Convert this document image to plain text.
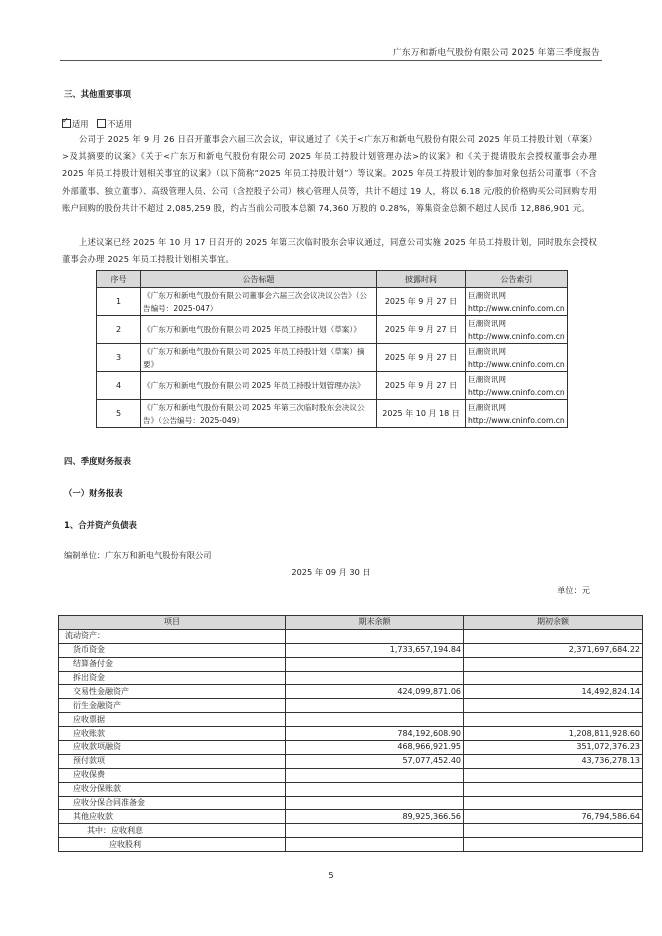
广东万和新电气股份有限公司 2025 年第三季度报告
三、其他重要事项
✓适用 不适用
公司于 2025 年 9 月 26 日召开董事会六届三次会议，审议通过了《关于<广东万和新电气股份有限公司 2025 年员工持股计划（草案）>及其摘要的议案》《关于<广东万和新电气股份有限公司 2025 年员工持股计划管理办法>的议案》和《关于提请股东会授权董事会办理 2025 年员工持股计划相关事宜的议案》（以下简称“2025 年员工持股计划”）等议案。2025 年员工持股计划的参加对象包括公司董事（不含外部董事、独立董事）、高级管理人员、公司（含控股子公司）核心管理人员等，共计不超过 19 人，将以 6.18 元/股的价格购买公司回购专用账户回购的股份共计不超过 2,085,259 股，约占当前公司股本总额 74,360 万股的 0.28%，筹集资金总额不超过人民币 12,886,901 元。
上述议案已经 2025 年 10 月 17 日召开的 2025 年第三次临时股东会审议通过，同意公司实施 2025 年员工持股计划，同时股东会授权董事会办理 2025 年员工持股计划相关事宜。
序号	公告标题	披露时间	公告索引
1	《广东万和新电气股份有限公司董事会六届三次会议决议公告》（公告编号：2025-047）	2025 年 9 月 27 日	巨潮资讯网 http://www.cninfo.com.cn
2	《广东万和新电气股份有限公司 2025 年员工持股计划（草案）》	2025 年 9 月 27 日	巨潮资讯网 http://www.cninfo.com.cn
3	《广东万和新电气股份有限公司 2025 年员工持股计划（草案）摘要》	2025 年 9 月 27 日	巨潮资讯网 http://www.cninfo.com.cn
4	《广东万和新电气股份有限公司 2025 年员工持股计划管理办法》	2025 年 9 月 27 日	巨潮资讯网 http://www.cninfo.com.cn
5	《广东万和新电气股份有限公司 2025 年第三次临时股东会决议公告》（公告编号：2025-049）	2025 年 10 月 18 日	巨潮资讯网 http://www.cninfo.com.cn
四、季度财务报表
（一）财务报表
1、合并资产负债表
编制单位：广东万和新电气股份有限公司
2025 年 09 月 30 日
单位：元
项目	期末余额	期初余额
流动资产：		
货币资金	1,733,657,194.84	2,371,697,684.22
结算备付金		
拆出资金		
交易性金融资产	424,099,871.06	14,492,824.14
衍生金融资产		
应收票据		
应收账款	784,192,608.90	1,208,811,928.60
应收款项融资	468,966,921.95	351,072,376.23
预付款项	57,077,452.40	43,736,278.13
应收保费		
应收分保账款		
应收分保合同准备金		
其他应收款	89,925,366.56	76,794,586.64
其中：应收利息		
应收股利		
5
